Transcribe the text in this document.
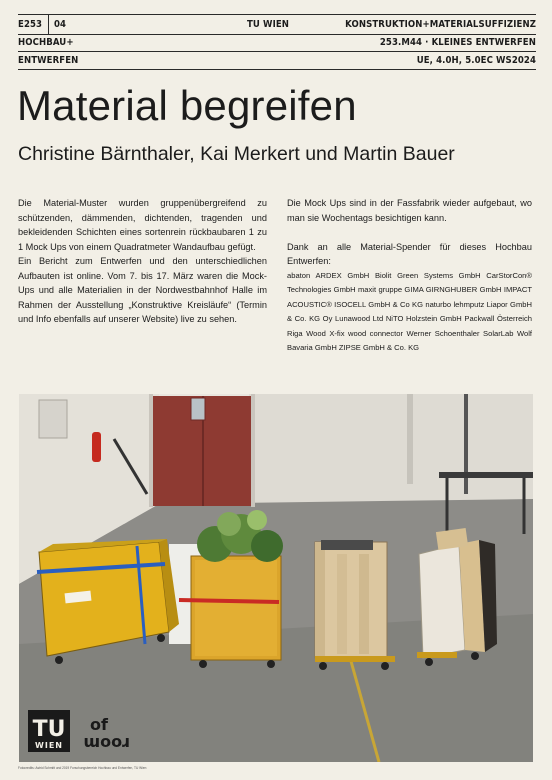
E253 04
HOCHBAU+
ENTWERFEN
TU WIEN	KONSTRUKTION+MATERIALSUFFIZIENZ
253.M44 · KLEINES ENTWERFEN
UE, 4.0H, 5.0EC WS2024
Material begreifen
Christine Bärnthaler, Kai Merkert und Martin Bauer

Die Material-Muster wurden gruppenübergreifend zu schützenden, dämmenden, dichtenden, tragenden und bekleidenden Schichten eines sortenrein rückbaubaren 1 zu 1 Mock Ups von einem Quadratmeter Wandaufbau gefügt.

Ein Bericht zum Entwerfen und den unterschiedlichen Aufbauten ist online. Vom 7. bis 17. März waren die Mock-Ups und alle Materialien in der Nordwestbahnhof Halle im Rahmen der Ausstellung „Konstruktive Kreisläufe“ (Termin und Info ebenfalls auf unserer Website) live zu sehen.

Die Mock Ups sind in der Fassfabrik wieder aufgebaut, wo man sie Wochentags besichtigen kann.

Dank an alle Material-Spender für dieses Hochbau Entwerfen:

abaton ARDEX GmbH Biolit Green Systems GmbH CarStorCon® Technologies GmbH maxit gruppe GIMA GIRNGHUBER GmbH IMPACT ACOUSTIC® ISOCELL GmbH & Co KG naturbo lehmputz Liapor GmbH & Co. KG Oy Lunawood Ltd NiTO Holzstein GmbH Packwall Österreich Riga Wood X-fix wood connector Werner Schoenthaler SolarLab Wolf Bavaria GmbH ZIPSE GmbH & Co. KG

TU
WIEN
of
room
Fotocredits: Astrid Schmitt und 2019 Forschungsbereich Hochbau und Entwerfen, TU Wien
